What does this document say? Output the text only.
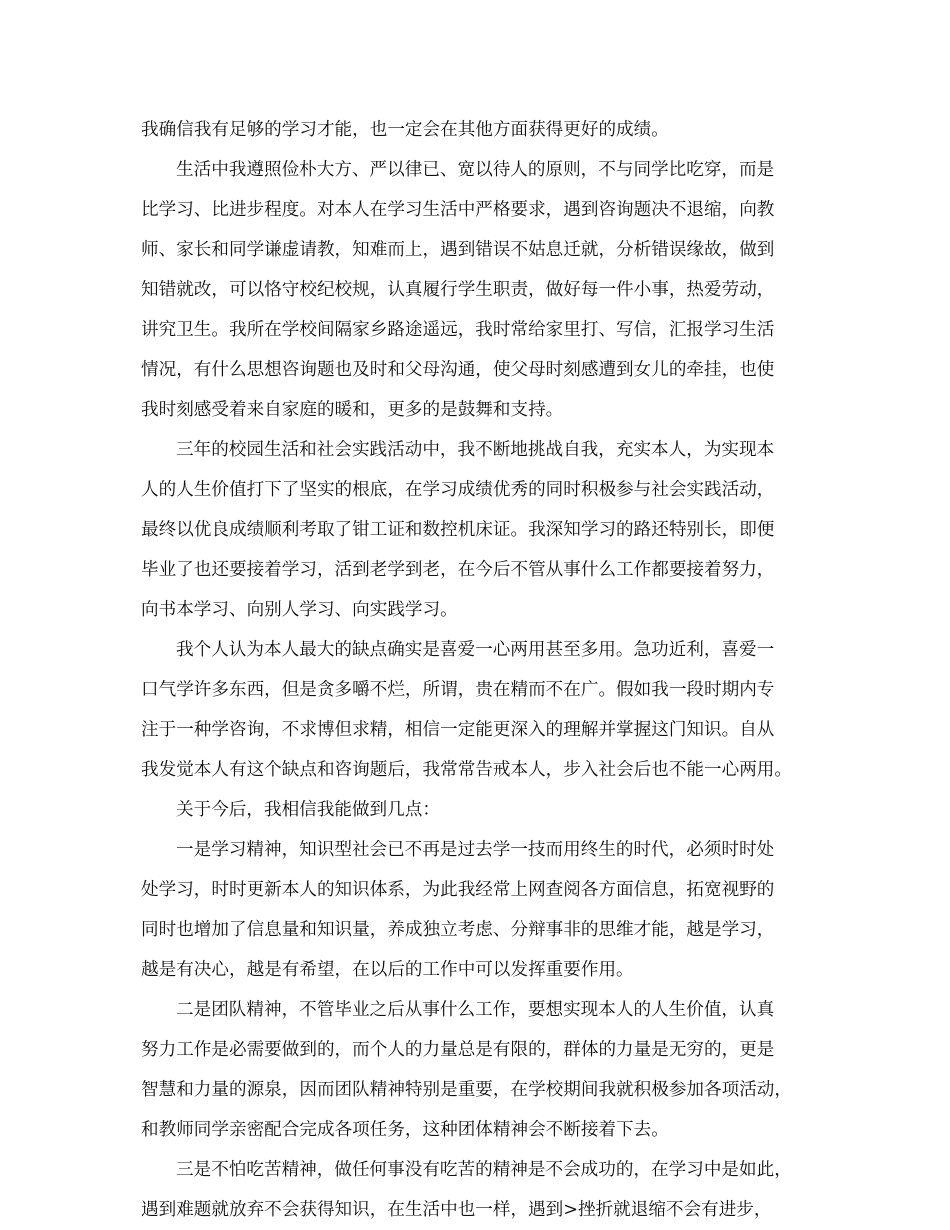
我确信我有足够的学习才能，也一定会在其他方面获得更好的成绩。
生活中我遵照俭朴大方、严以律已、宽以待人的原则，不与同学比吃穿，而是
比学习、比进步程度。对本人在学习生活中严格要求，遇到咨询题决不退缩，向教
师、家长和同学谦虚请教，知难而上，遇到错误不姑息迁就，分析错误缘故，做到
知错就改，可以恪守校纪校规，认真履行学生职责，做好每一件小事，热爱劳动，
讲究卫生。我所在学校间隔家乡路途遥远，我时常给家里打、写信，汇报学习生活
情况，有什么思想咨询题也及时和父母沟通，使父母时刻感遭到女儿的牵挂，也使
我时刻感受着来自家庭的暖和，更多的是鼓舞和支持。
三年的校园生活和社会实践活动中，我不断地挑战自我，充实本人，为实现本
人的人生价值打下了坚实的根底，在学习成绩优秀的同时积极参与社会实践活动，
最终以优良成绩顺利考取了钳工证和数控机床证。我深知学习的路还特别长，即便
毕业了也还要接着学习，活到老学到老，在今后不管从事什么工作都要接着努力，
向书本学习、向别人学习、向实践学习。
我个人认为本人最大的缺点确实是喜爱一心两用甚至多用。急功近利，喜爱一
口气学许多东西，但是贪多嚼不烂，所谓，贵在精而不在广。假如我一段时期内专
注于一种学咨询，不求博但求精，相信一定能更深入的理解并掌握这门知识。自从
我发觉本人有这个缺点和咨询题后，我常常告戒本人，步入社会后也不能一心两用。
关于今后，我相信我能做到几点：
一是学习精神，知识型社会已不再是过去学一技而用终生的时代，必须时时处
处学习，时时更新本人的知识体系，为此我经常上网查阅各方面信息，拓宽视野的
同时也增加了信息量和知识量，养成独立考虑、分辩事非的思维才能，越是学习，
越是有决心，越是有希望，在以后的工作中可以发挥重要作用。
二是团队精神，不管毕业之后从事什么工作，要想实现本人的人生价值，认真
努力工作是必需要做到的，而个人的力量总是有限的，群体的力量是无穷的，更是
智慧和力量的源泉，因而团队精神特别是重要，在学校期间我就积极参加各项活动，
和教师同学亲密配合完成各项任务，这种团体精神会不断接着下去。
三是不怕吃苦精神，做任何事没有吃苦的精神是不会成功的，在学习中是如此，
遇到难题就放弃不会获得知识，在生活中也一样，遇到>挫折就退缩不会有进步，
